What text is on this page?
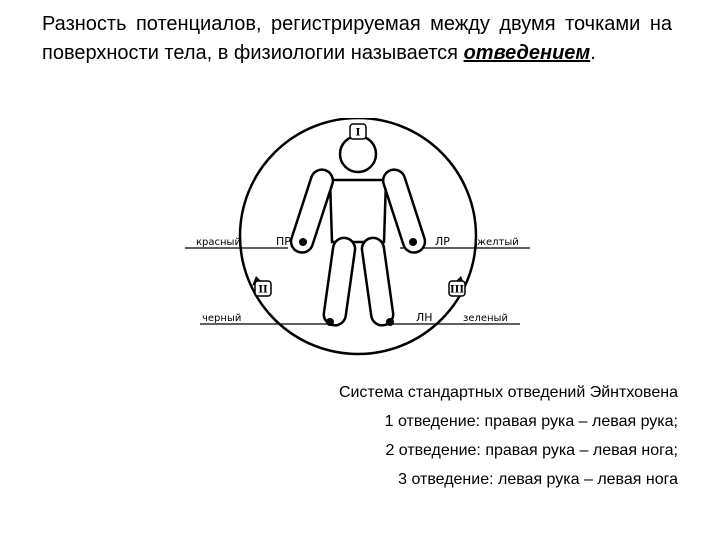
Разность потенциалов, регистрируемая между двумя точками на поверхности тела, в физиологии называется отведением.

ПР	ЛР
ЛН
красный	желтый
черный	зеленый
I
II	III
Система стандартных отведений Эйнтховена
1 отведение: правая рука – левая рука;
2 отведение: правая рука – левая нога;
3 отведение: левая рука – левая нога
